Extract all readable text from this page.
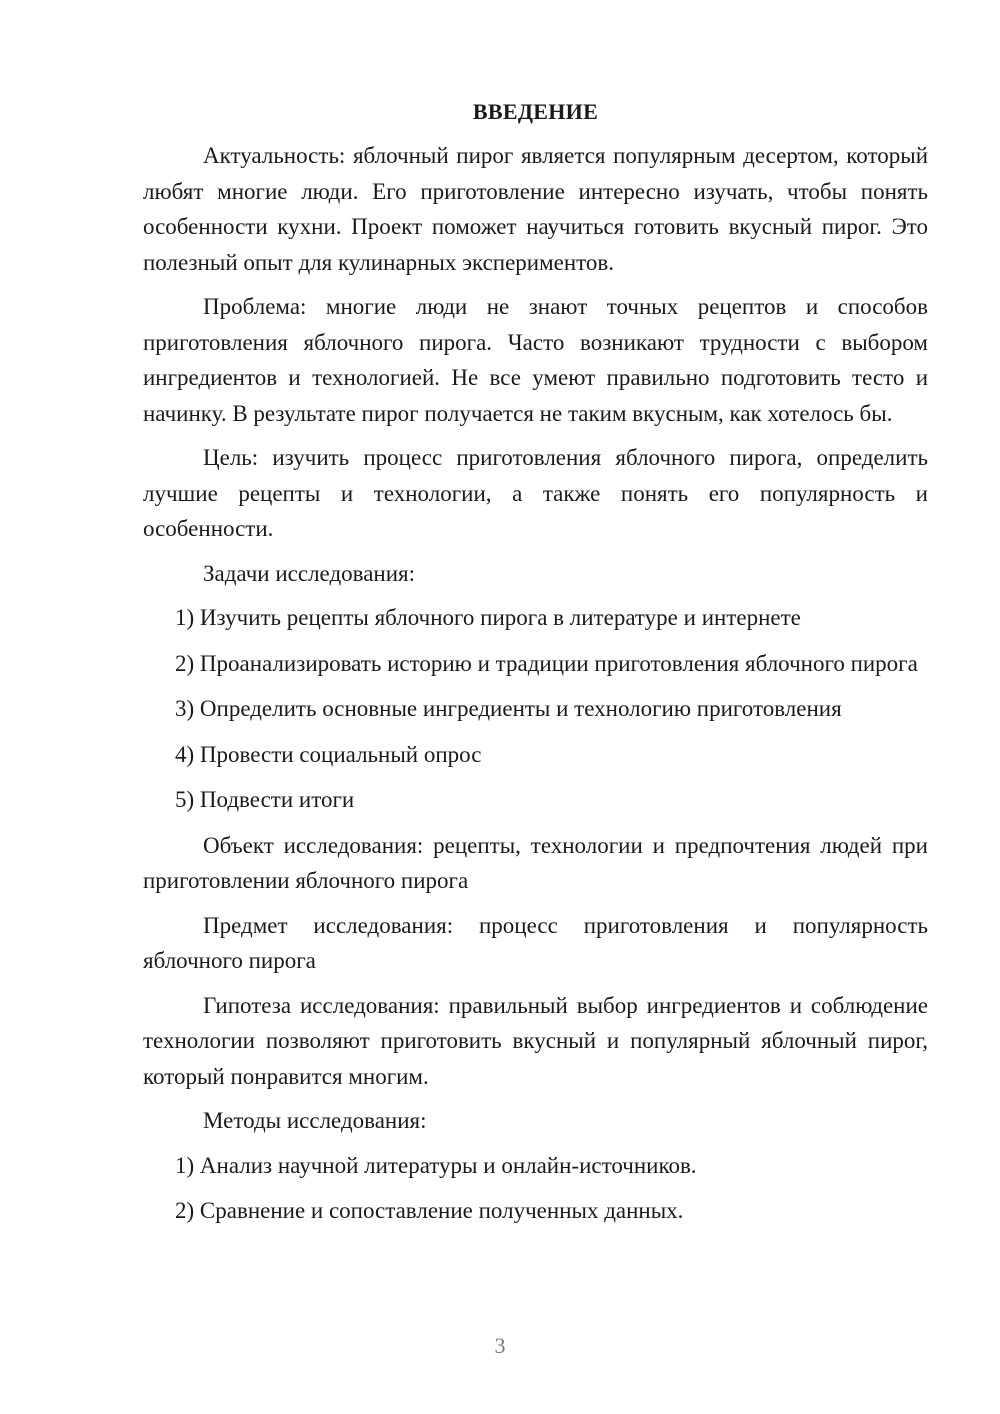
ВВЕДЕНИЕ

Актуальность: яблочный пирог является популярным десертом, который любят многие люди. Его приготовление интересно изучать, чтобы понять особенности кухни. Проект поможет научиться готовить вкусный пирог. Это полезный опыт для кулинарных экспериментов.

Проблема: многие люди не знают точных рецептов и способов приготовления яблочного пирога. Часто возникают трудности с выбором ингредиентов и технологией. Не все умеют правильно подготовить тесто и начинку. В результате пирог получается не таким вкусным, как хотелось бы.

Цель: изучить процесс приготовления яблочного пирога, определить лучшие рецепты и технологии, а также понять его популярность и особенности.

Задачи исследования:

1) Изучить рецепты яблочного пирога в литературе и интернете

2) Проанализировать историю и традиции приготовления яблочного пирога

3) Определить основные ингредиенты и технологию приготовления

4) Провести социальный опрос

5) Подвести итоги

Объект исследования: рецепты, технологии и предпочтения людей при приготовлении яблочного пирога

Предмет исследования: процесс приготовления и популярность яблочного пирога

Гипотеза исследования: правильный выбор ингредиентов и соблюдение технологии позволяют приготовить вкусный и популярный яблочный пирог, который понравится многим.

Методы исследования:

1) Анализ научной литературы и онлайн-источников.

2) Сравнение и сопоставление полученных данных.

3
